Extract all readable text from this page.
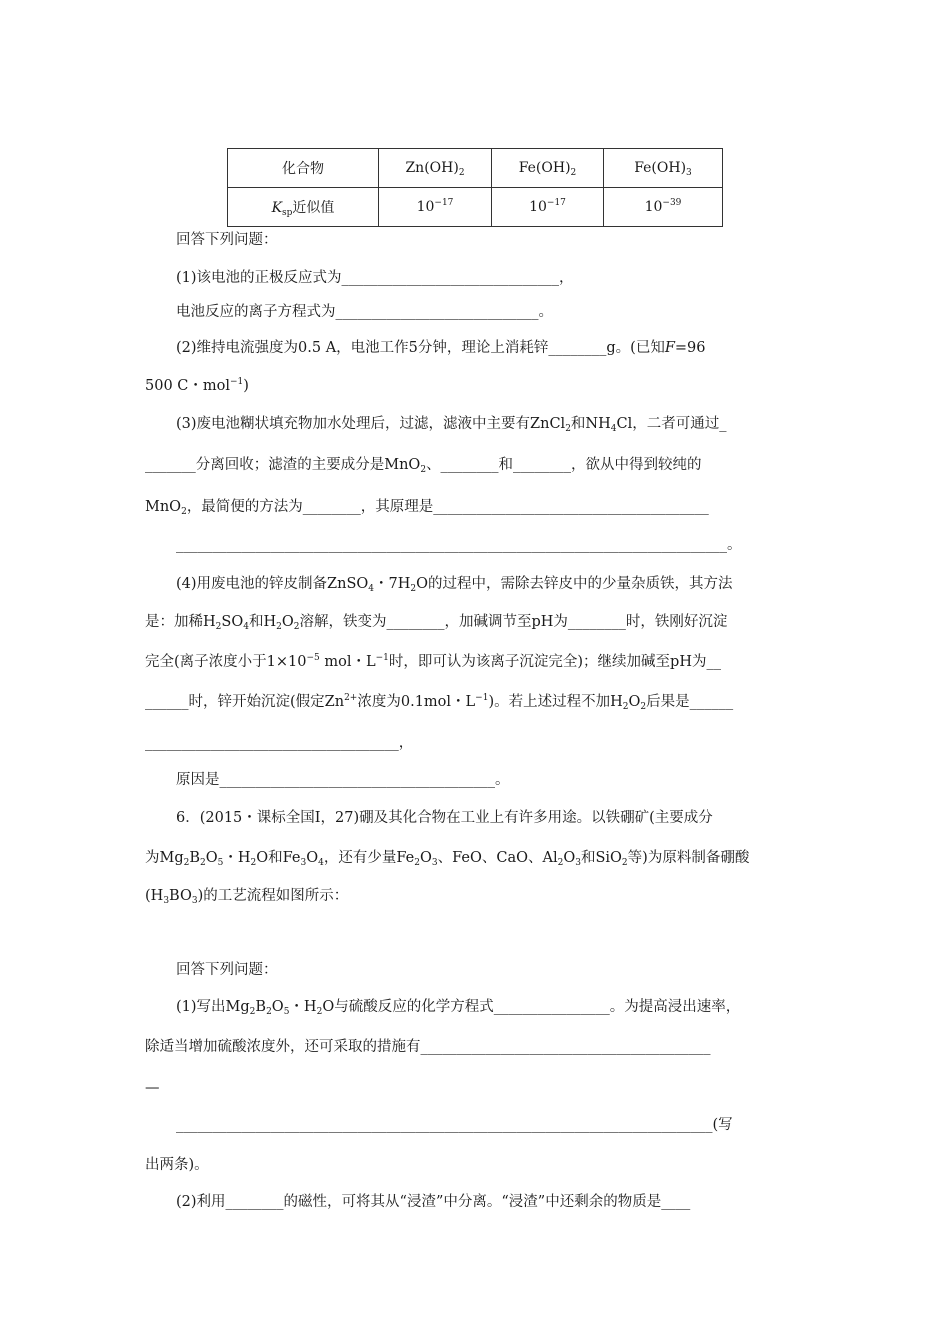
化合物	$Zn(OH)_2$	$Fe(OH)_2$	$Fe(OH)_3$
$K_{sp}$近似值	$10^{-17}$	$10^{-17}$	$10^{-39}$
回答下列问题：
(1)该电池的正极反应式为______________________________，
电池反应的离子方程式为____________________________。
(2)维持电流强度为0.5 A，电池工作5分钟，理论上消耗锌________g。(已知F=96
500 C・mol$^{-1}$)
(3)废电池糊状填充物加水处理后，过滤，滤液中主要有ZnCl$_2$和$NH_4Cl$，二者可通过_
_______分离回收；滤渣的主要成分是MnO$_2$、________和________，欲从中得到较纯的
MnO$_2$，最简便的方法为________，其原理是______________________________________
____________________________________________________________________________。
(4)用废电池的锌皮制备ZnSO$_4$・$7H_2O$的过程中，需除去锌皮中的少量杂质铁，其方法
是：加稀$H_2SO_4$和$H_2O_2$溶解，铁变为________，加碱调节至pH为________时，铁刚好沉淀
完全(离子浓度小于$1\times 10^{-5}$ mol・$L^{-1}$时，即可认为该离子沉淀完全)；继续加碱至pH为__
______时，锌开始沉淀(假定$Zn^{2+}$浓度为0.1mol・$L^{-1}$)。若上述过程不加$H_2O_2$后果是______
___________________________________，
原因是______________________________________。
6．(2015・课标全国Ⅰ，27)硼及其化合物在工业上有许多用途。以铁硼矿(主要成分
为$Mg_2B_2O_5$・$H_2O$和$Fe_3O_4$，还有少量$Fe_2O_3$、FeO、CaO、$Al_2O_3$和SiO$_2$等)为原料制备硼酸
$(H_3BO_3)$的工艺流程如图所示：
回答下列问题：
(1)写出$Mg_2B_2O_5$・$H_2O$与硫酸反应的化学方程式________________。为提高浸出速率，
除适当增加硫酸浓度外，还可采取的措施有________________________________________
—
__________________________________________________________________________(写
出两条)。
(2)利用________的磁性，可将其从“浸渣”中分离。“浸渣”中还剩余的物质是____
